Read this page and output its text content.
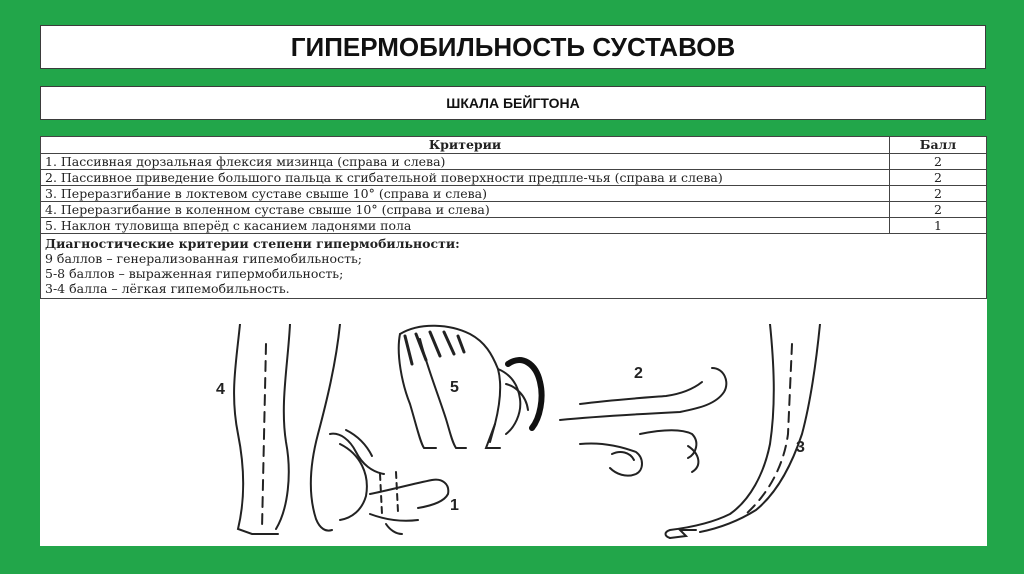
ГИПЕРМОБИЛЬНОСТЬ СУСТАВОВ
ШКАЛА БЕЙГТОНА
Критерии	Балл
1. Пассивная дорзальная флексия мизинца (справа и слева)	2
2. Пассивное приведение большого пальца к сгибательной поверхности предпле-чья (справа и слева)	2
3. Переразгибание в локтевом суставе свыше 10° (справа и слева)	2
4. Переразгибание в коленном суставе свыше 10° (справа и слева)	2
5. Наклон туловища вперёд с касанием ладонями пола	1

Диагностические критерии степени гипермобильности:
9 баллов – генерализованная гипемобильность;
5-8 баллов – выраженная гипермобильность;
3-4 балла – лёгкая гипемобильность.	
4	5
2
3
1
